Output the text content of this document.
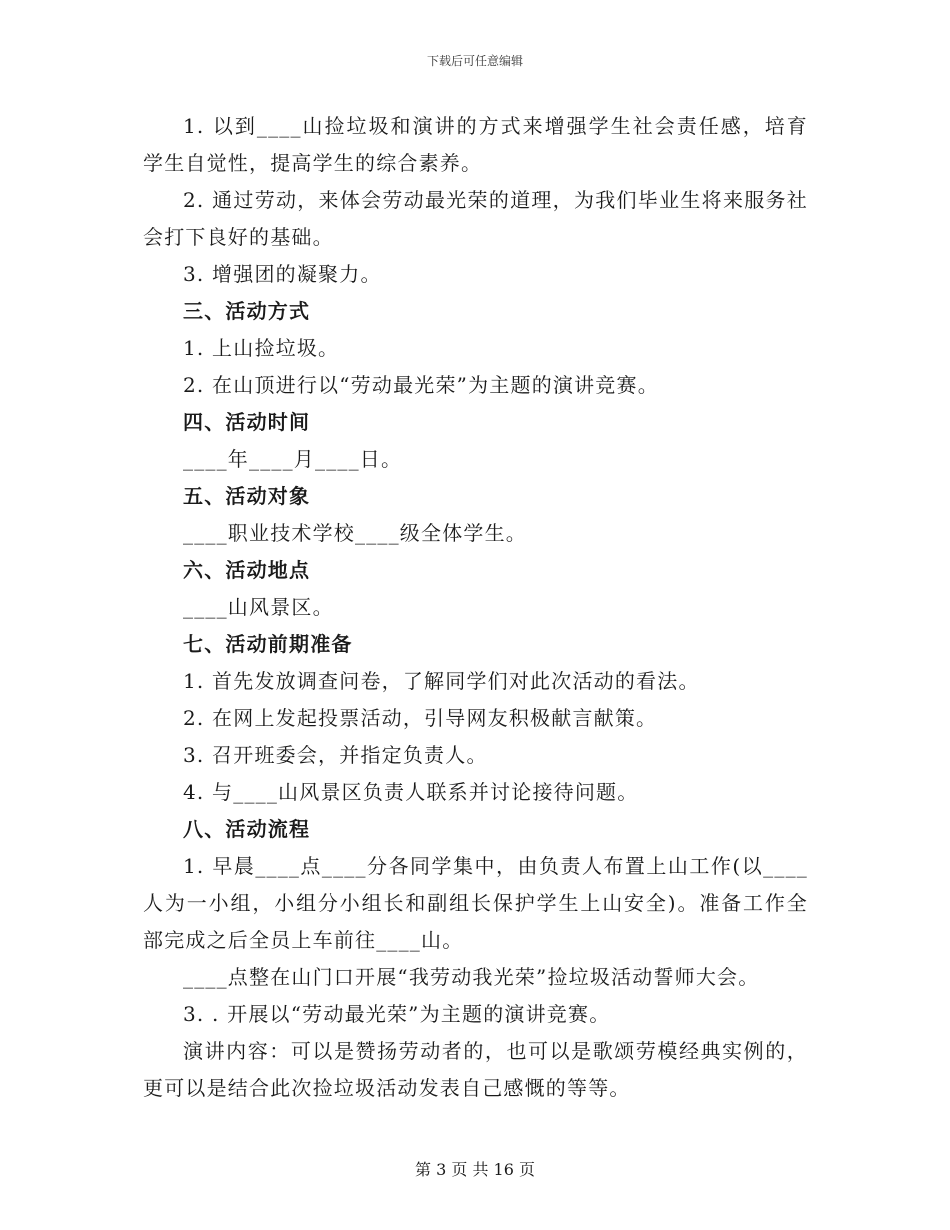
下载后可任意编辑

1. 以到____山捡垃圾和演讲的方式来增强学生社会责任感，培育学生自觉性，提高学生的综合素养。

2. 通过劳动，来体会劳动最光荣的道理，为我们毕业生将来服务社会打下良好的基础。

3. 增强团的凝聚力。

三、活动方式

1. 上山捡垃圾。

2. 在山顶进行以“劳动最光荣”为主题的演讲竞赛。

四、活动时间

____年____月____日。

五、活动对象

____职业技术学校____级全体学生。

六、活动地点

____山风景区。

七、活动前期准备

1. 首先发放调查问卷，了解同学们对此次活动的看法。

2. 在网上发起投票活动，引导网友积极献言献策。

3. 召开班委会，并指定负责人。

4. 与____山风景区负责人联系并讨论接待问题。

八、活动流程

1. 早晨____点____分各同学集中，由负责人布置上山工作(以____人为一小组，小组分小组长和副组长保护学生上山安全)。准备工作全部完成之后全员上车前往____山。

____点整在山门口开展“我劳动我光荣”捡垃圾活动誓师大会。

3. . 开展以“劳动最光荣”为主题的演讲竞赛。

演讲内容：可以是赞扬劳动者的，也可以是歌颂劳模经典实例的，更可以是结合此次捡垃圾活动发表自己感慨的等等。

第 3 页 共 16 页
